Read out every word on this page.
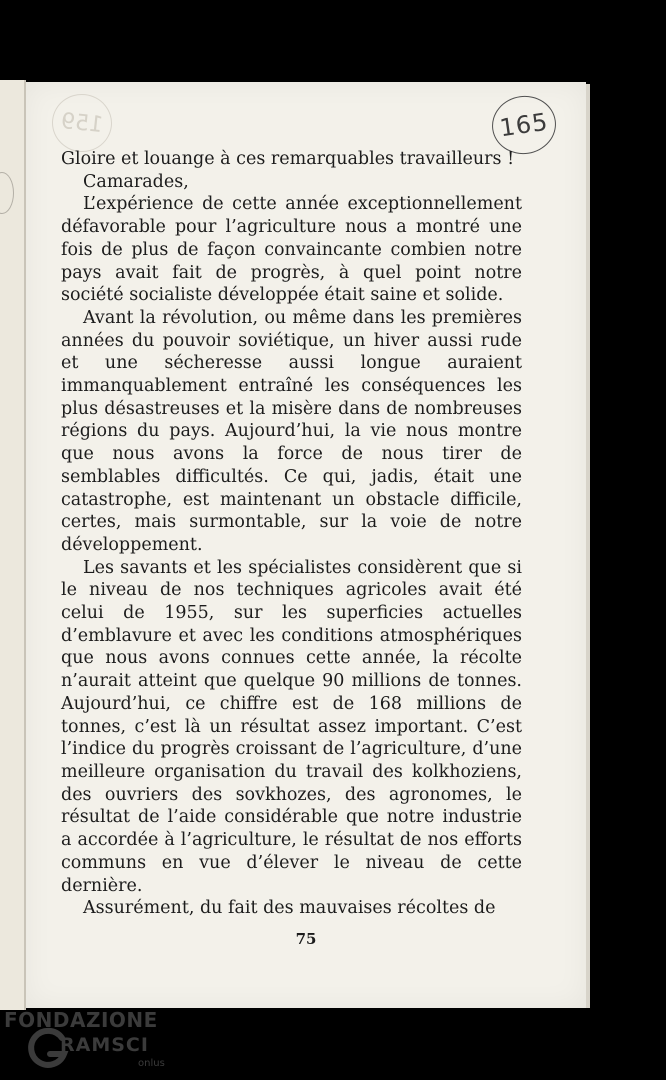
159	165

Gloire et louange à ces remarquables travailleurs !

Camarades,

L’expérience de cette année exceptionnellement défavorable pour l’agriculture nous a montré une fois de plus de façon convaincante combien notre pays avait fait de progrès, à quel point notre société socialiste développée était saine et solide.

Avant la révolution, ou même dans les premières années du pouvoir soviétique, un hiver aussi rude et une sécheresse aussi longue auraient immanquablement entraîné les conséquences les plus désastreuses et la misère dans de nombreuses régions du pays. Aujourd’hui, la vie nous montre que nous avons la force de nous tirer de semblables difficultés. Ce qui, jadis, était une catastrophe, est maintenant un obstacle difficile, certes, mais surmontable, sur la voie de notre développement.

Les savants et les spécialistes considèrent que si le niveau de nos techniques agricoles avait été celui de 1955, sur les superficies actuelles d’emblavure et avec les conditions atmosphériques que nous avons connues cette année, la récolte n’aurait atteint que quelque 90 millions de tonnes. Aujourd’hui, ce chiffre est de 168 millions de tonnes, c’est là un résultat assez important. C’est l’indice du progrès croissant de l’agriculture, d’une meilleure organisation du travail des kolkhoziens, des ouvriers des sovkhozes, des agronomes, le résultat de l’aide considérable que notre industrie a accordée à l’agriculture, le résultat de nos efforts communs en vue d’élever le niveau de cette dernière.

Assurément, du fait des mauvaises récoltes de

75
FONDAZIONE
RAMSCI
onlus
